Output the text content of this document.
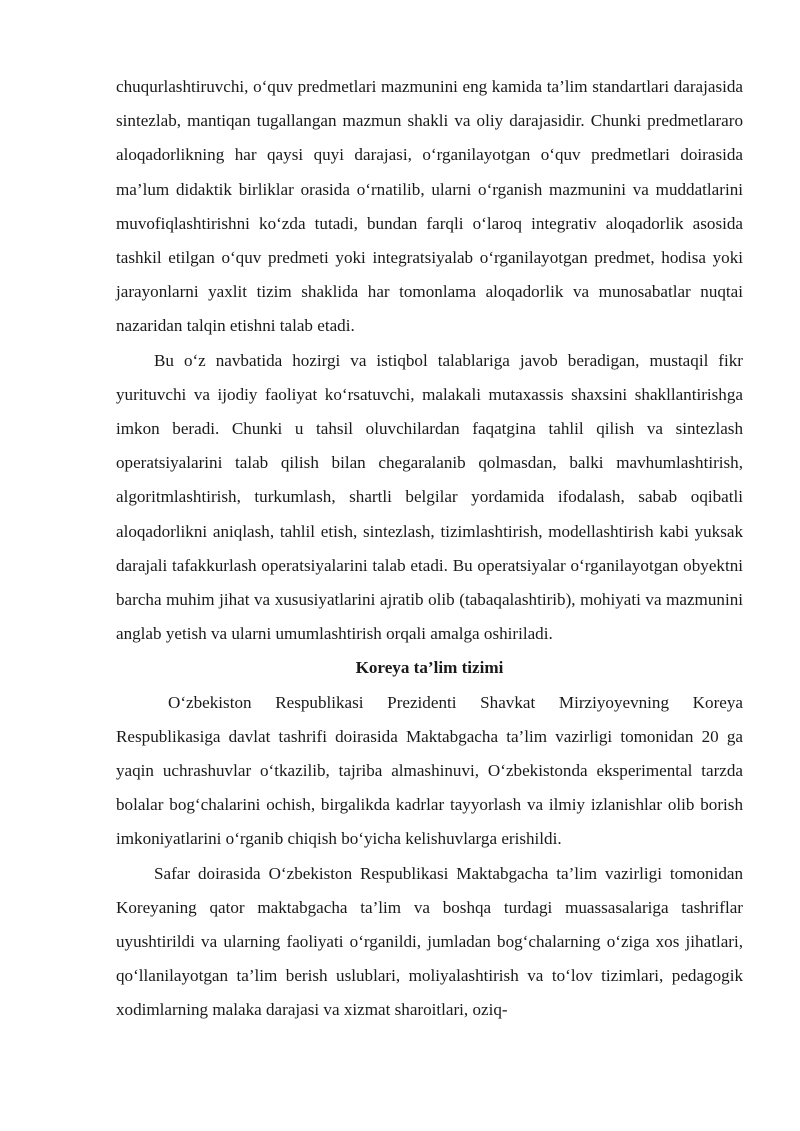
chuqurlashtiruvchi, o‘quv predmetlari mazmunini eng kamida ta’lim standartlari darajasida sintezlab, mantiqan tugallangan mazmun shakli va oliy darajasidir. Chunki predmetlararo aloqadorlikning har qaysi quyi darajasi, o‘rganilayotgan o‘quv predmetlari doirasida ma’lum didaktik birliklar orasida o‘rnatilib, ularni o‘rganish mazmunini va muddatlarini muvofiqlashtirishni ko‘zda tutadi, bundan farqli o‘laroq integrativ aloqadorlik asosida tashkil etilgan o‘quv predmeti yoki integratsiyalab o‘rganilayotgan predmet, hodisa yoki jarayonlarni yaxlit tizim shaklida har tomonlama aloqadorlik va munosabatlar nuqtai nazaridan talqin etishni talab etadi.

Bu o‘z navbatida hozirgi va istiqbol talablariga javob beradigan, mustaqil fikr yurituvchi va ijodiy faoliyat ko‘rsatuvchi, malakali mutaxassis shaxsini shakllantirishga imkon beradi. Chunki u tahsil oluvchilardan faqatgina tahlil qilish va sintezlash operatsiyalarini talab qilish bilan chegaralanib qolmasdan, balki mavhumlashtirish, algoritmlashtirish, turkumlash, shartli belgilar yordamida ifodalash, sabab oqibatli aloqadorlikni aniqlash, tahlil etish, sintezlash, tizimlashtirish, modellashtirish kabi yuksak darajali tafakkurlash operatsiyalarini talab etadi. Bu operatsiyalar o‘rganilayotgan obyektni barcha muhim jihat va xususiyatlarini ajratib olib (tabaqalashtirib), mohiyati va mazmunini anglab yetish va ularni umumlashtirish orqali amalga oshiriladi.

Koreya ta’lim tizimi

O‘zbekiston Respublikasi Prezidenti Shavkat Mirziyoyevning Koreya Respublikasiga davlat tashrifi doirasida Maktabgacha ta’lim vazirligi tomonidan 20 ga yaqin uchrashuvlar o‘tkazilib, tajriba almashinuvi, O‘zbekistonda eksperimental tarzda bolalar bog‘chalarini ochish, birgalikda kadrlar tayyorlash va ilmiy izlanishlar olib borish imkoniyatlarini o‘rganib chiqish bo‘yicha kelishuvlarga erishildi.

Safar doirasida O‘zbekiston Respublikasi Maktabgacha ta’lim vazirligi tomonidan Koreyaning qator maktabgacha ta’lim va boshqa turdagi muassasalariga tashriflar uyushtirildi va ularning faoliyati o‘rganildi, jumladan bog‘chalarning o‘ziga xos jihatlari, qo‘llanilayotgan ta’lim berish uslublari, moliyalashtirish va to‘lov tizimlari, pedagogik xodimlarning malaka darajasi va xizmat sharoitlari, oziq-
